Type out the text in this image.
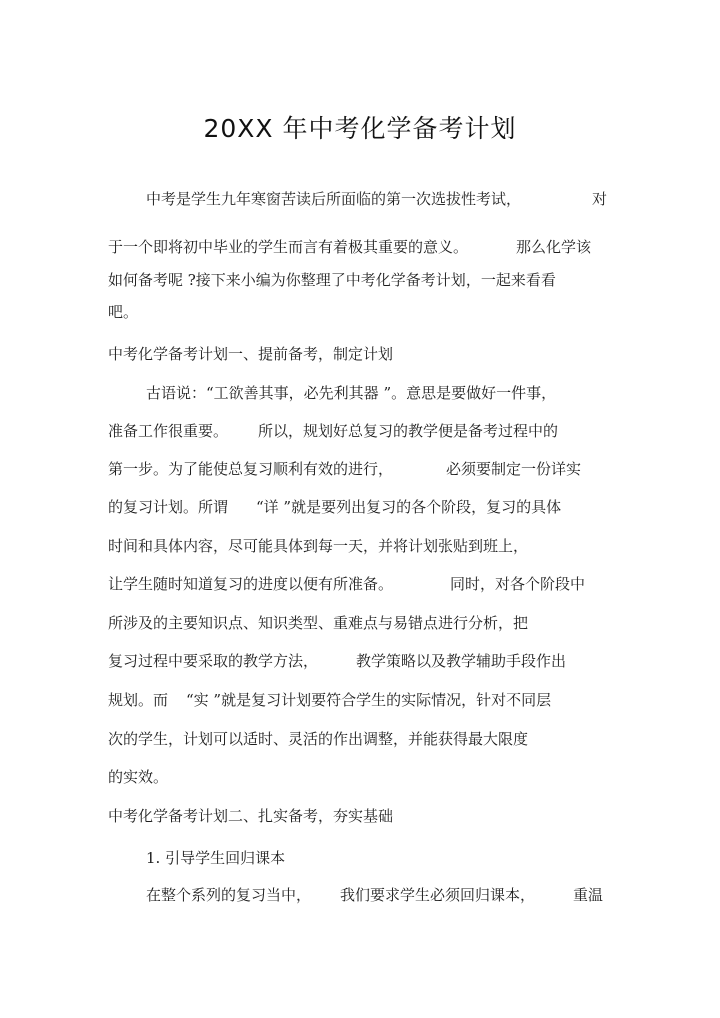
20XX 年中考化学备考计划
中考是学生九年寒窗苦读后所面临的第一次选拔性考试，	对
于一个即将初中毕业的学生而言有着极其重要的意义。	那么化学该
如何备考呢 ?接下来小编为你整理了中考化学备考计划，一起来看看
吧。
中考化学备考计划一、提前备考，制定计划
古语说：“工欲善其事，必先利其器 ”。意思是要做好一件事，
准备工作很重要。 所以，规划好总复习的教学便是备考过程中的
第一步。为了能使总复习顺利有效的进行，	必须要制定一份详实
的复习计划。所谓 “详 ”就是要列出复习的各个阶段，复习的具体
时间和具体内容，尽可能具体到每一天，并将计划张贴到班上，
让学生随时知道复习的进度以便有所准备。	同时，对各个阶段中
所涉及的主要知识点、知识类型、重难点与易错点进行分析，把
复习过程中要采取的教学方法，	教学策略以及教学辅助手段作出
规划。而 “实 ”就是复习计划要符合学生的实际情况，针对不同层
次的学生，计划可以适时、灵活的作出调整，并能获得最大限度
的实效。
中考化学备考计划二、扎实备考，夯实基础
1. 引导学生回归课本
在整个系列的复习当中， 我们要求学生必须回归课本，	重温
